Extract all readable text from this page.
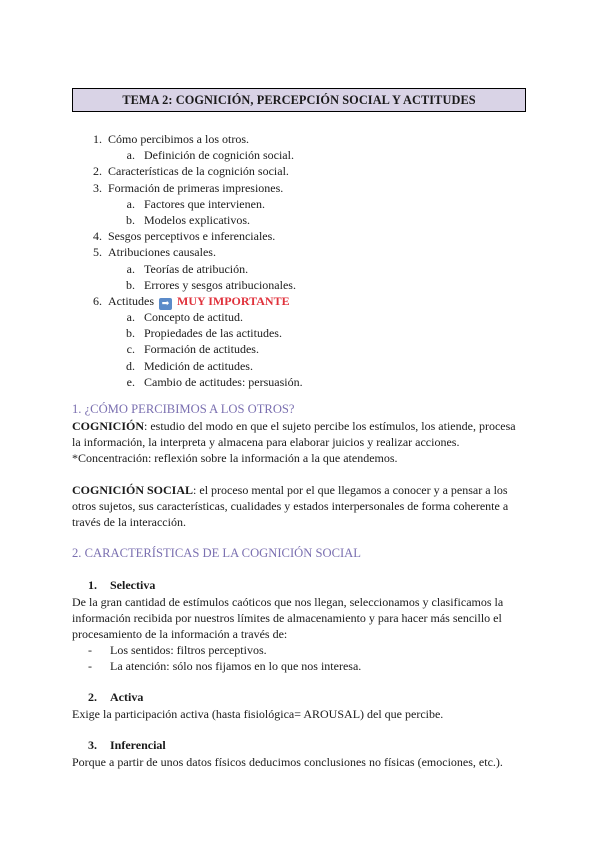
TEMA 2: COGNICIÓN, PERCEPCIÓN SOCIAL Y ACTITUDES
1. Cómo percibimos a los otros.
a. Definición de cognición social.
2. Características de la cognición social.
3. Formación de primeras impresiones.
a. Factores que intervienen.
b. Modelos explicativos.
4. Sesgos perceptivos e inferenciales.
5. Atribuciones causales.
a. Teorías de atribución.
b. Errores y sesgos atribucionales.
6. Actitudes ➡ MUY IMPORTANTE
a. Concepto de actitud.
b. Propiedades de las actitudes.
c. Formación de actitudes.
d. Medición de actitudes.
e. Cambio de actitudes: persuasión.
1. ¿CÓMO PERCIBIMOS A LOS OTROS?
COGNICIÓN: estudio del modo en que el sujeto percibe los estímulos, los atiende, procesa
la información, la interpreta y almacena para elaborar juicios y realizar acciones.
*Concentración: reflexión sobre la información a la que atendemos.
COGNICIÓN SOCIAL: el proceso mental por el que llegamos a conocer y a pensar a los
otros sujetos, sus características, cualidades y estados interpersonales de forma coherente a
través de la interacción.
2. CARACTERÍSTICAS DE LA COGNICIÓN SOCIAL
1. Selectiva
De la gran cantidad de estímulos caóticos que nos llegan, seleccionamos y clasificamos la
información recibida por nuestros límites de almacenamiento y para hacer más sencillo el
procesamiento de la información a través de:
- Los sentidos: filtros perceptivos.
- La atención: sólo nos fijamos en lo que nos interesa.
2. Activa
Exige la participación activa (hasta fisiológica= AROUSAL) del que percibe.
3. Inferencial
Porque a partir de unos datos físicos deducimos conclusiones no físicas (emociones, etc.).
